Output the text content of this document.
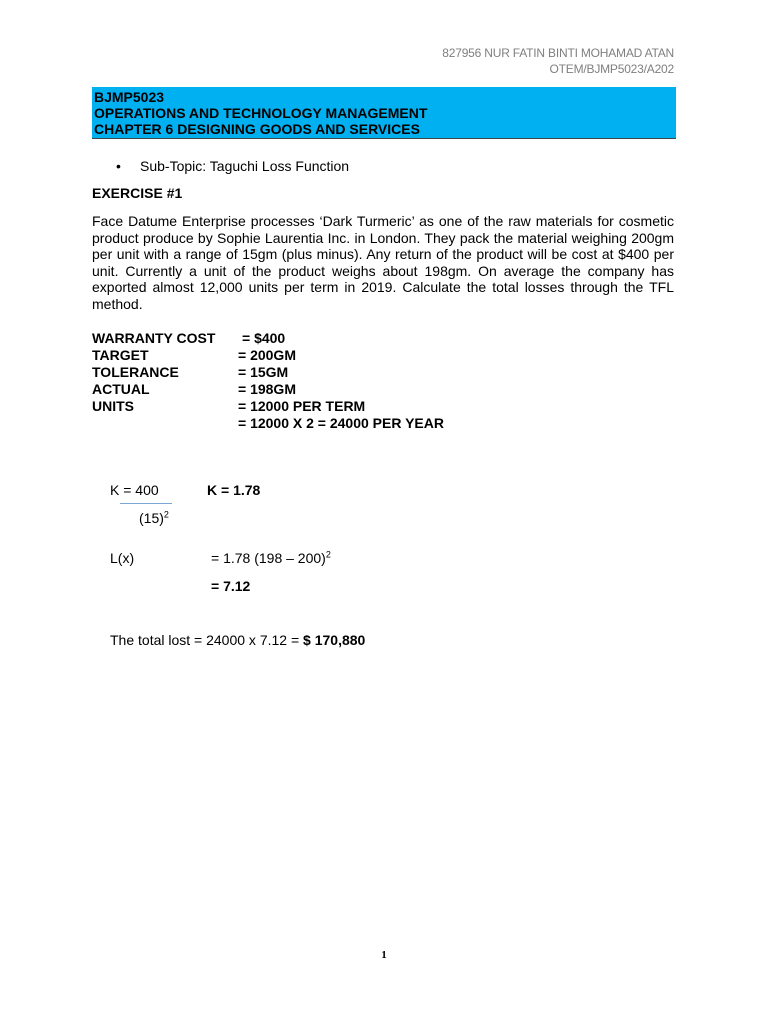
827956 NUR FATIN BINTI MOHAMAD ATAN
OTEM/BJMP5023/A202
BJMP5023
OPERATIONS AND TECHNOLOGY MANAGEMENT
CHAPTER 6 DESIGNING GOODS AND SERVICES
• Sub-Topic: Taguchi Loss Function
EXERCISE #1
Face Datume Enterprise processes ‘Dark Turmeric’ as one of the raw materials for cosmetic product produce by Sophie Laurentia Inc. in London. They pack the material weighing 200gm per unit with a range of 15gm (plus minus). Any return of the product will be cost at $400 per unit. Currently a unit of the product weighs about 198gm. On average the company has exported almost 12,000 units per term in 2019. Calculate the total losses through the TFL method.
WARRANTY COST = $400
TARGET	= 200GM
TOLERANCE	= 15GM
ACTUAL	= 198GM
UNITS	= 12000 PER TERM
= 12000 X 2 = 24000 PER YEAR
K = 400	K = 1.78
$(15)^2$
L(x)	= 1.78 (198 – 200)$^2$
= 7.12
The total lost = 24000 x 7.12 = $ 170,880
1
